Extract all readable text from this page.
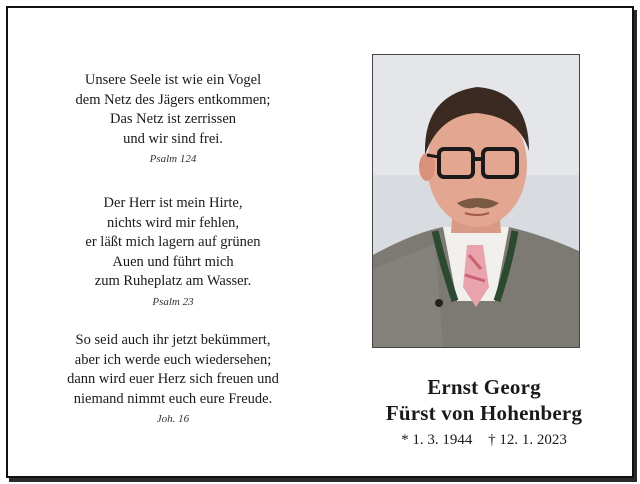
Unsere Seele ist wie ein Vogel
dem Netz des Jägers entkommen;
Das Netz ist zerrissen
und wir sind frei.
Psalm 124
Der Herr ist mein Hirte,
nichts wird mir fehlen,
er läßt mich lagern auf grünen
Auen und führt mich
zum Ruheplatz am Wasser.
Psalm 23
So seid auch ihr jetzt bekümmert,
aber ich werde euch wiedersehen;
dann wird euer Herz sich freuen und
niemand nimmt euch eure Freude.
Joh. 16
Ernst Georg
Fürst von Hohenberg
* 1. 3. 1944 † 12. 1. 2023
